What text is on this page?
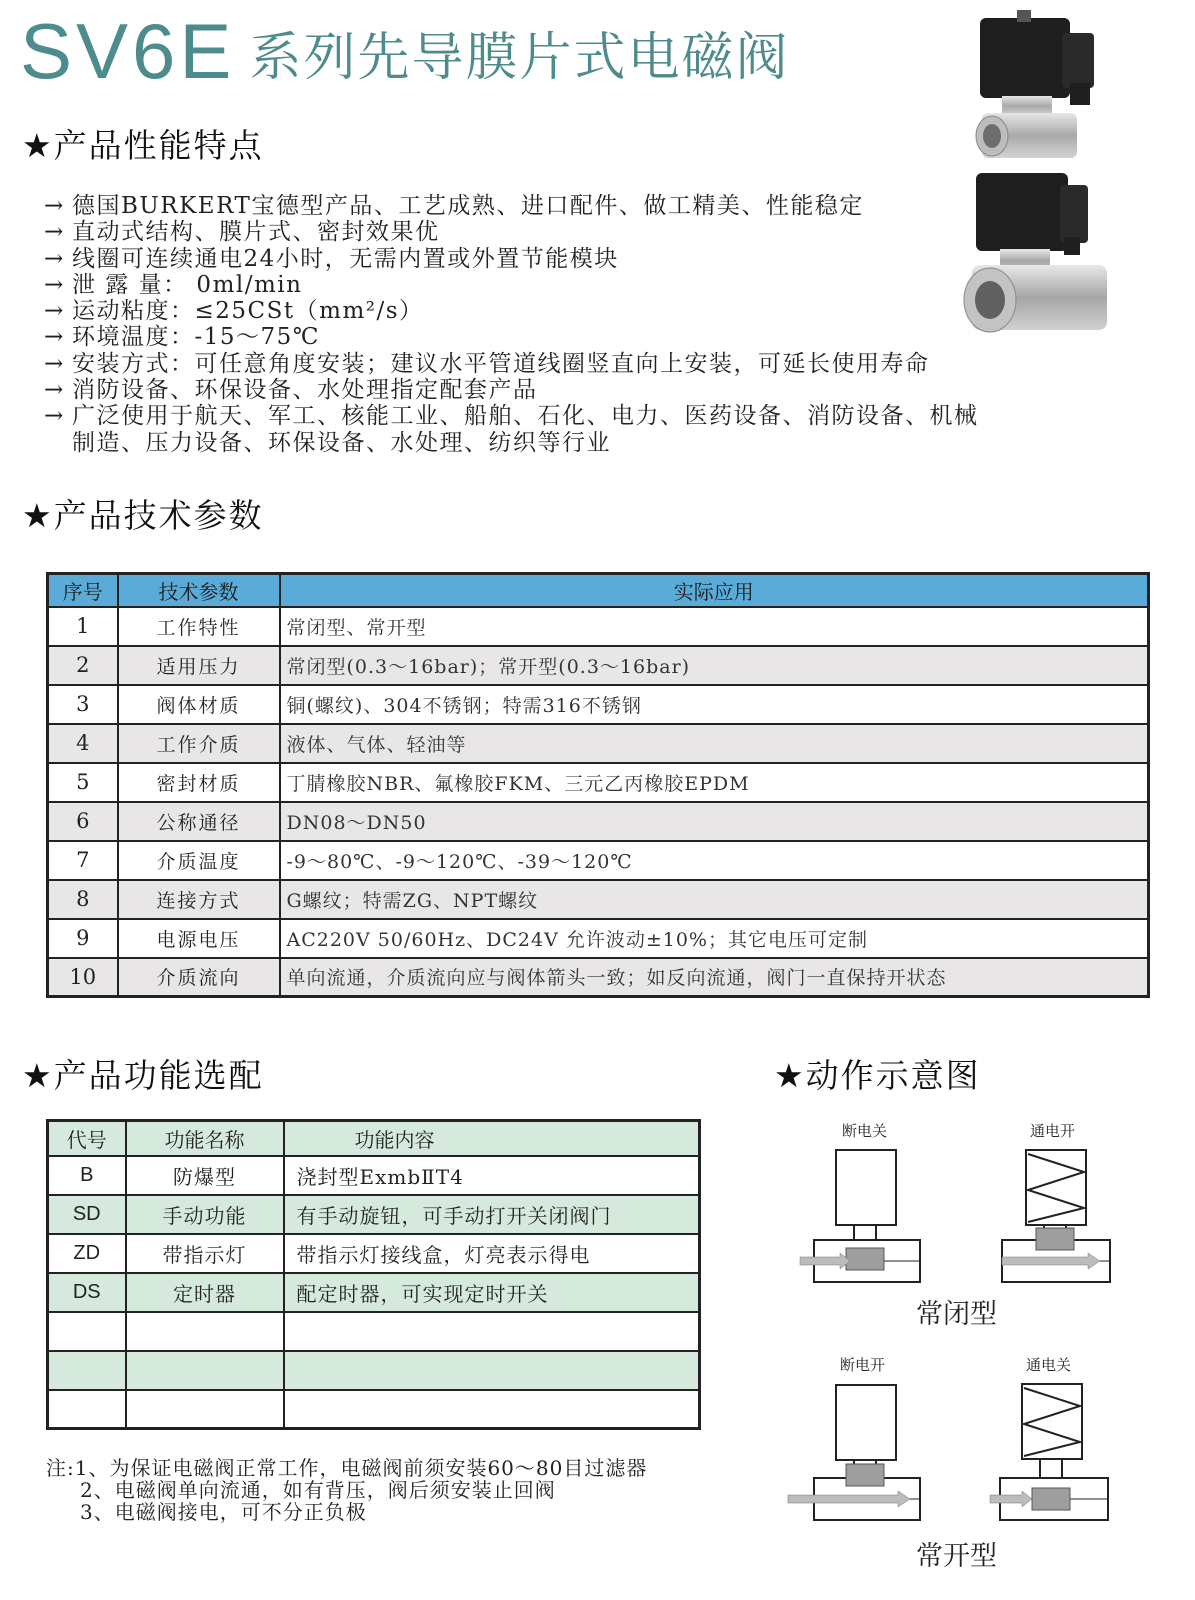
SV6E 系列先导膜片式电磁阀
★产品性能特点
→ 德国BURKERT宝德型产品、工艺成熟、进口配件、做工精美、性能稳定
→ 直动式结构、膜片式、密封效果优
→ 线圈可连续通电24小时，无需内置或外置节能模块
→ 泄 露 量： 0ml/min
→ 运动粘度：≤25CSt（mm²/s）
→ 环境温度：-15～75℃
→ 安装方式：可任意角度安装；建议水平管道线圈竖直向上安装，可延长使用寿命
→ 消防设备、环保设备、水处理指定配套产品
→ 广泛使用于航天、军工、核能工业、船舶、石化、电力、医药设备、消防设备、机械
制造、压力设备、环保设备、水处理、纺织等行业
★产品技术参数
序号	技术参数	实际应用
1	工作特性	常闭型、常开型
2	适用压力	常闭型(0.3～16bar)；常开型(0.3～16bar)
3	阀体材质	铜(螺纹)、304不锈钢；特需316不锈钢
4	工作介质	液体、气体、轻油等
5	密封材质	丁腈橡胶NBR、氟橡胶FKM、三元乙丙橡胶EPDM
6	公称通径	DN08～DN50
7	介质温度	-9～80℃、-9～120℃、-39～120℃
8	连接方式	G螺纹；特需ZG、NPT螺纹
9	电源电压	AC220V 50/60Hz、DC24V 允许波动±10%；其它电压可定制
10	介质流向	单向流通，介质流向应与阀体箭头一致；如反向流通，阀门一直保持开状态
★产品功能选配	★动作示意图
代号	功能名称	功能内容
B	防爆型	浇封型ExmbⅡT4
SD	手动功能	有手动旋钮，可手动打开关闭阀门
ZD	带指示灯	带指示灯接线盒，灯亮表示得电
DS	定时器	配定时器，可实现定时开关

注:1、为保证电磁阀正常工作，电磁阀前须安装60～80目过滤器
2、电磁阀单向流通，如有背压，阀后须安装止回阀
3、电磁阀接电，可不分正负极
断电关	通电开
常闭型
断电开	通电关
常开型
